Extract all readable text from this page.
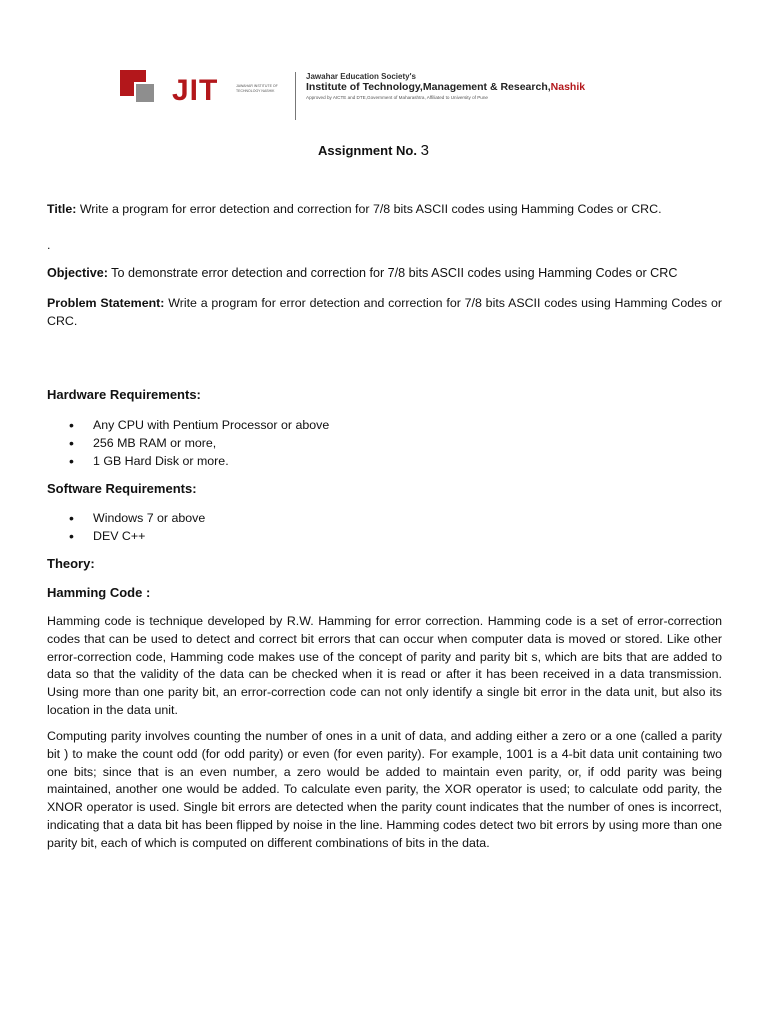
JIT	JAWAHAR INSTITUTE OF TECHNOLOGY NASHIK
Jawahar Education Society's
Institute of Technology,Management & Research,Nashik
Approved by AICTE and DTE,Government of Maharashtra, Affiliated to University of Pune
Assignment No. 3
Title: Write a program for error detection and correction for 7/8 bits ASCII codes using Hamming Codes or CRC.
.
Objective: To demonstrate error detection and correction for 7/8 bits ASCII codes using Hamming Codes or CRC
Problem Statement: Write a program for error detection and correction for 7/8 bits ASCII codes using Hamming Codes or CRC.
Hardware Requirements:
• Any CPU with Pentium Processor or above
• 256 MB RAM or more,
• 1 GB Hard Disk or more.
Software Requirements:
• Windows 7 or above
• DEV C++
Theory:
Hamming Code :
Hamming code is technique developed by R.W. Hamming for error correction. Hamming code is a set of error-correction codes that can be used to detect and correct bit errors that can occur when computer data is moved or stored. Like other error-correction code, Hamming code makes use of the concept of parity and parity bit s, which are bits that are added to data so that the validity of the data can be checked when it is read or after it has been received in a data transmission. Using more than one parity bit, an error-correction code can not only identify a single bit error in the data unit, but also its location in the data unit.
Computing parity involves counting the number of ones in a unit of data, and adding either a zero or a one (called a parity bit ) to make the count odd (for odd parity) or even (for even parity). For example, 1001 is a 4-bit data unit containing two one bits; since that is an even number, a zero would be added to maintain even parity, or, if odd parity was being maintained, another one would be added. To calculate even parity, the XOR operator is used; to calculate odd parity, the XNOR operator is used. Single bit errors are detected when the parity count indicates that the number of ones is incorrect, indicating that a data bit has been flipped by noise in the line. Hamming codes detect two bit errors by using more than one parity bit, each of which is computed on different combinations of bits in the data.
